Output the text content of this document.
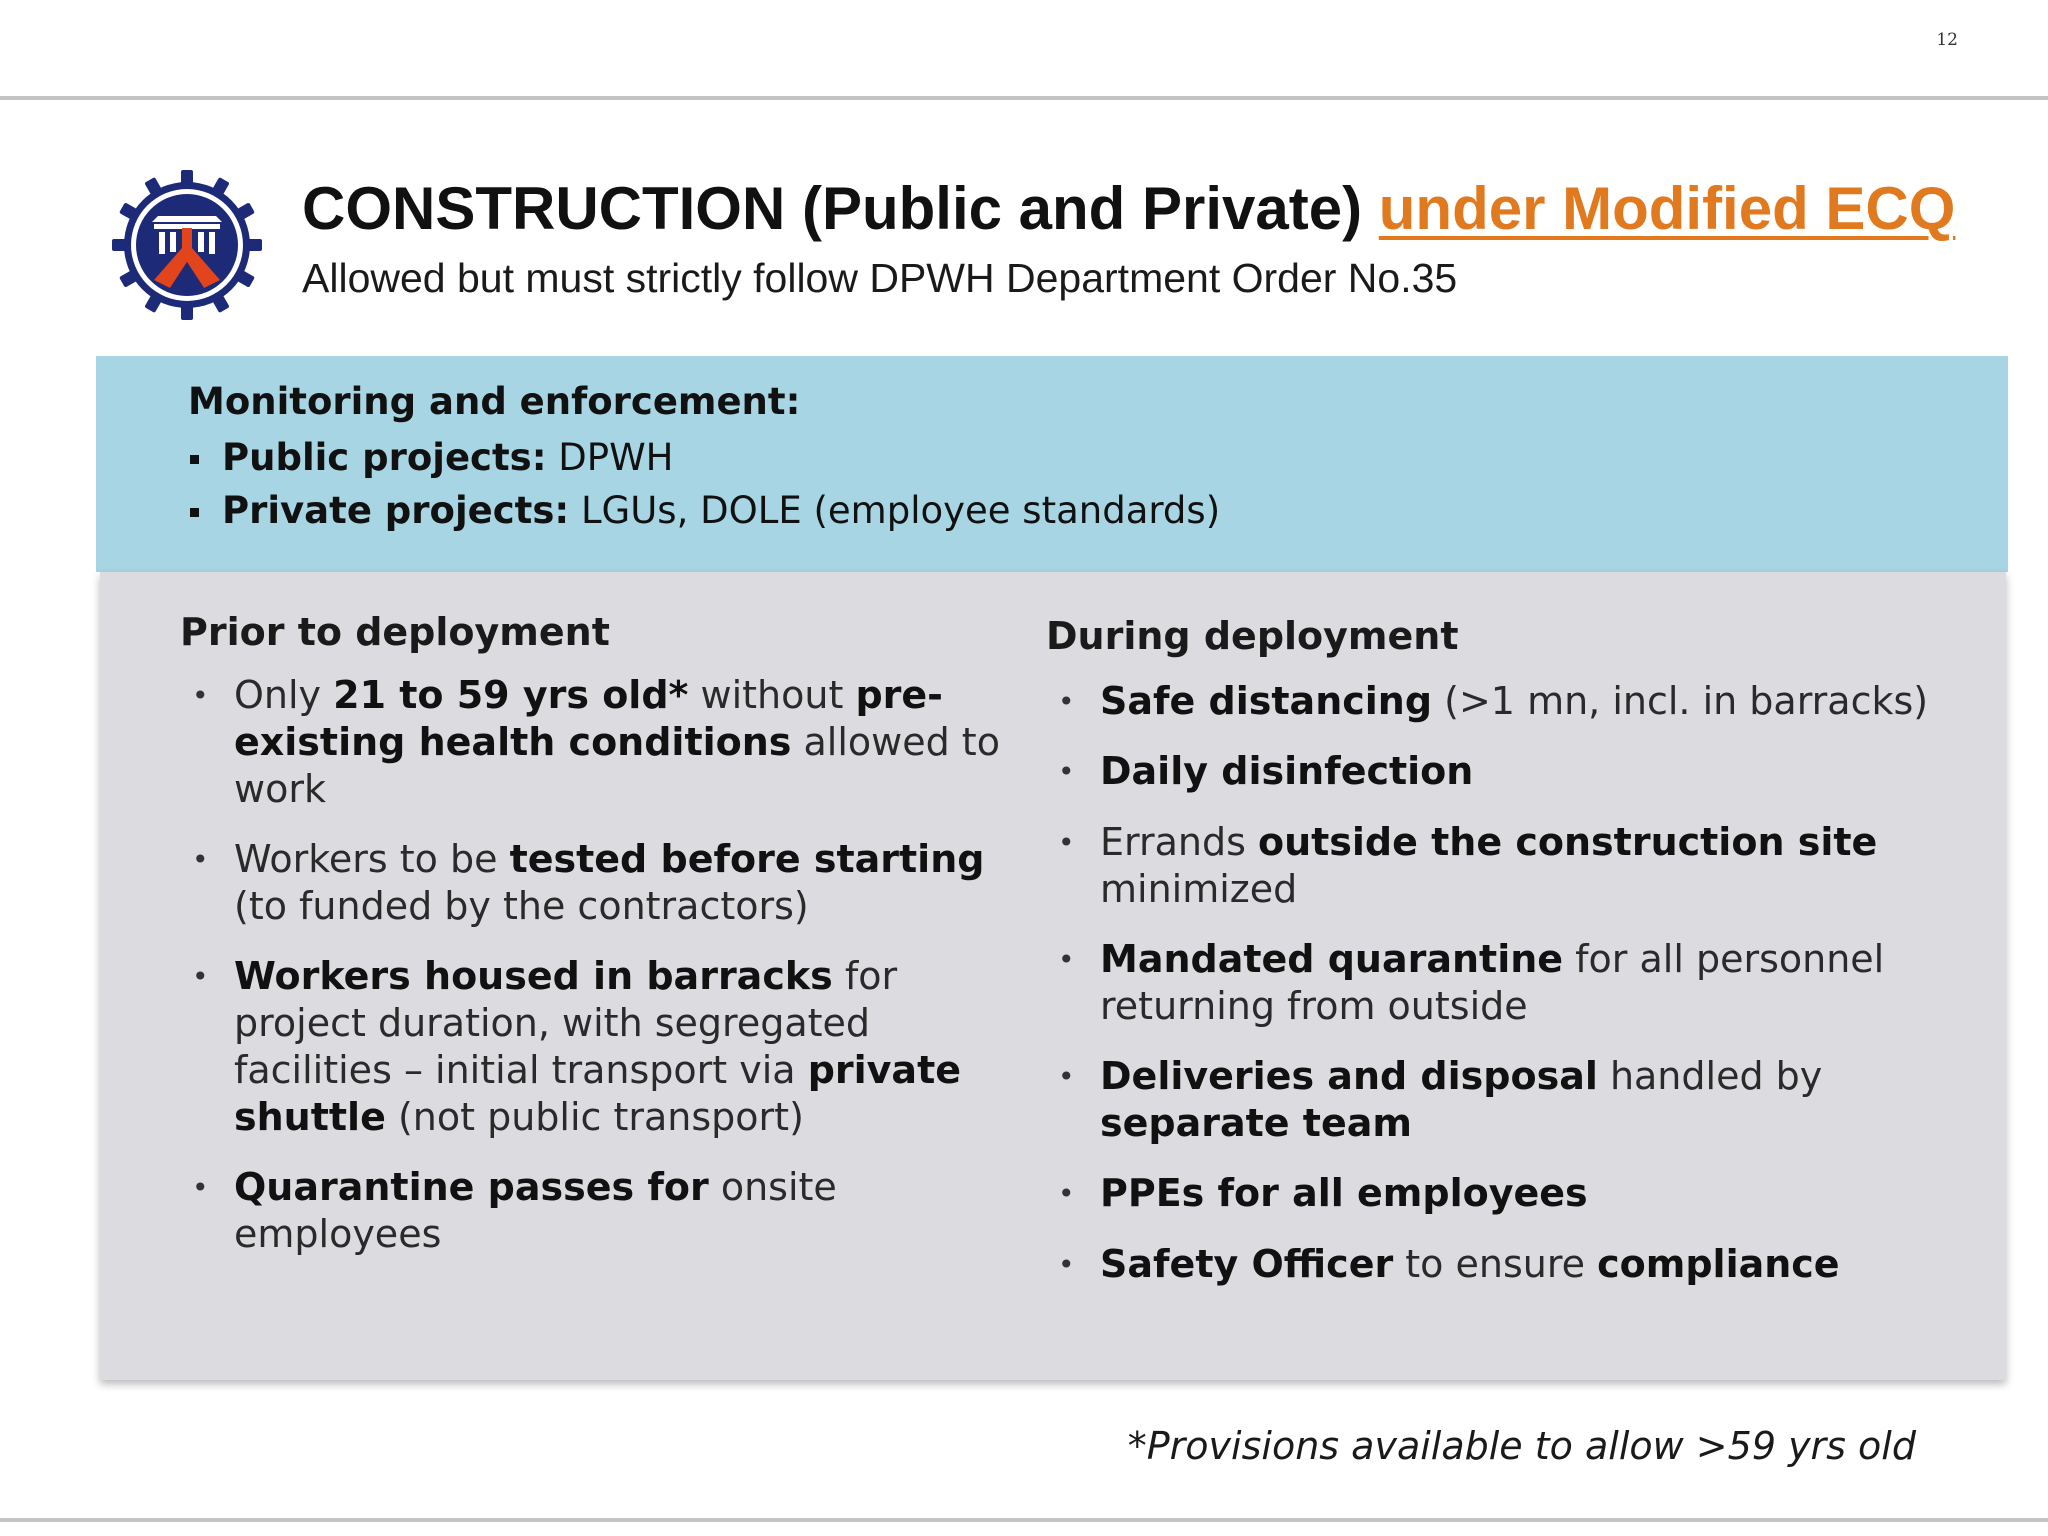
12
CONSTRUCTION (Public and Private) under Modified ECQ

Allowed but must strictly follow DPWH Department Order No.35

Monitoring and enforcement:

Public projects: DPWH
Private projects: LGUs, DOLE (employee standards)
Prior to deployment
• Only 21 to 59 yrs old* without pre-existing health conditions allowed to work
• Workers to be tested before starting (to funded by the contractors)
• Workers housed in barracks for project duration, with segregated facilities – initial transport via private shuttle (not public transport)
• Quarantine passes for onsite employees
During deployment
• Safe distancing (>1 mn, incl. in barracks)
• Daily disinfection
• Errands outside the construction site minimized
• Mandated quarantine for all personnel returning from outside
• Deliveries and disposal handled by separate team
• PPEs for all employees
• Safety Officer to ensure compliance
*Provisions available to allow >59 yrs old
